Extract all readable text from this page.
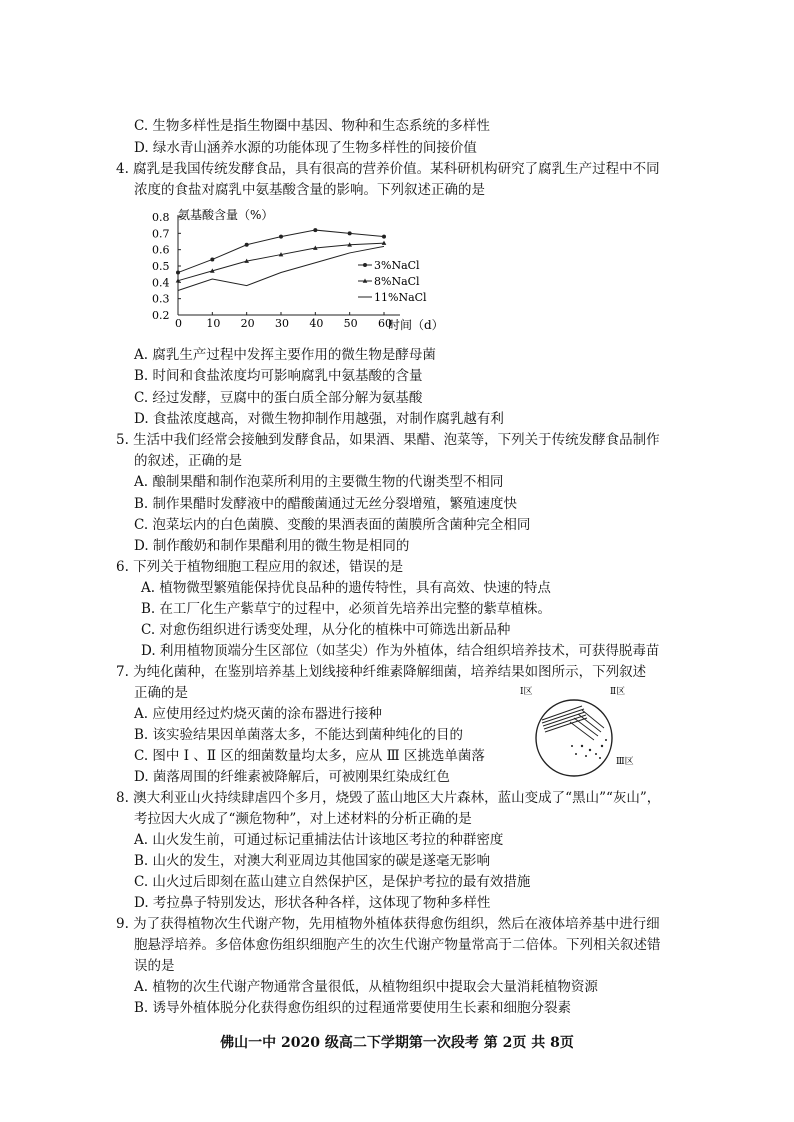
C. 生物多样性是指生物圈中基因、物种和生态系统的多样性
D. 绿水青山涵养水源的功能体现了生物多样性的间接价值
4. 腐乳是我国传统发酵食品，具有很高的营养价值。某科研机构研究了腐乳生产过程中不同
浓度的食盐对腐乳中氨基酸含量的影响。下列叙述正确的是
A. 腐乳生产过程中发挥主要作用的微生物是酵母菌
B. 时间和食盐浓度均可影响腐乳中氨基酸的含量
C. 经过发酵，豆腐中的蛋白质全部分解为氨基酸
D. 食盐浓度越高，对微生物抑制作用越强，对制作腐乳越有利
5. 生活中我们经常会接触到发酵食品，如果酒、果醋、泡菜等，下列关于传统发酵食品制作
的叙述，正确的是
A. 酿制果醋和制作泡菜所利用的主要微生物的代谢类型不相同
B. 制作果醋时发酵液中的醋酸菌通过无丝分裂增殖，繁殖速度快
C. 泡菜坛内的白色菌膜、变酸的果酒表面的菌膜所含菌种完全相同
D. 制作酸奶和制作果醋利用的微生物是相同的
6. 下列关于植物细胞工程应用的叙述，错误的是
A. 植物微型繁殖能保持优良品种的遗传特性，具有高效、快速的特点
B. 在工厂化生产紫草宁的过程中，必须首先培养出完整的紫草植株。
C. 对愈伤组织进行诱变处理，从分化的植株中可筛选出新品种
D. 利用植物顶端分生区部位（如茎尖）作为外植体，结合组织培养技术，可获得脱毒苗
7. 为纯化菌种，在鉴别培养基上划线接种纤维素降解细菌，培养结果如图所示，下列叙述
正确的是
A. 应使用经过灼烧灭菌的涂布器进行接种
B. 该实验结果因单菌落太多，不能达到菌种纯化的目的
C. 图中 Ⅰ 、Ⅱ 区的细菌数量均太多，应从 Ⅲ 区挑选单菌落
D. 菌落周围的纤维素被降解后，可被刚果红染成红色
8. 澳大利亚山火持续肆虐四个多月，烧毁了蓝山地区大片森林，蓝山变成了“黑山”“灰山”，
考拉因大火成了“濒危物种”，对上述材料的分析正确的是
A. 山火发生前，可通过标记重捕法估计该地区考拉的种群密度
B. 山火的发生，对澳大利亚周边其他国家的碳是遂毫无影响
C. 山火过后即刻在蓝山建立自然保护区，是保护考拉的最有效措施
D. 考拉鼻子特别发达，形状各种各样，这体现了物种多样性
9. 为了获得植物次生代谢产物，先用植物外植体获得愈伤组织，然后在液体培养基中进行细
胞悬浮培养。多倍体愈伤组织细胞产生的次生代谢产物量常高于二倍体。下列相关叙述错
误的是
A. 植物的次生代谢产物通常含量很低，从植物组织中提取会大量消耗植物资源
B. 诱导外植体脱分化获得愈伤组织的过程通常要使用生长素和细胞分裂素
氨基酸含量（%）
时间（d）
0.2
0.3
0.4
0.5
0.6
0.7
0.8
0 10 20 30 40 50 60
3%NaCl
8%NaCl
11%NaCl
Ⅰ区	Ⅱ区
Ⅲ区
佛山一中 2020 级高二下学期第一次段考 第 2页 共 8页
